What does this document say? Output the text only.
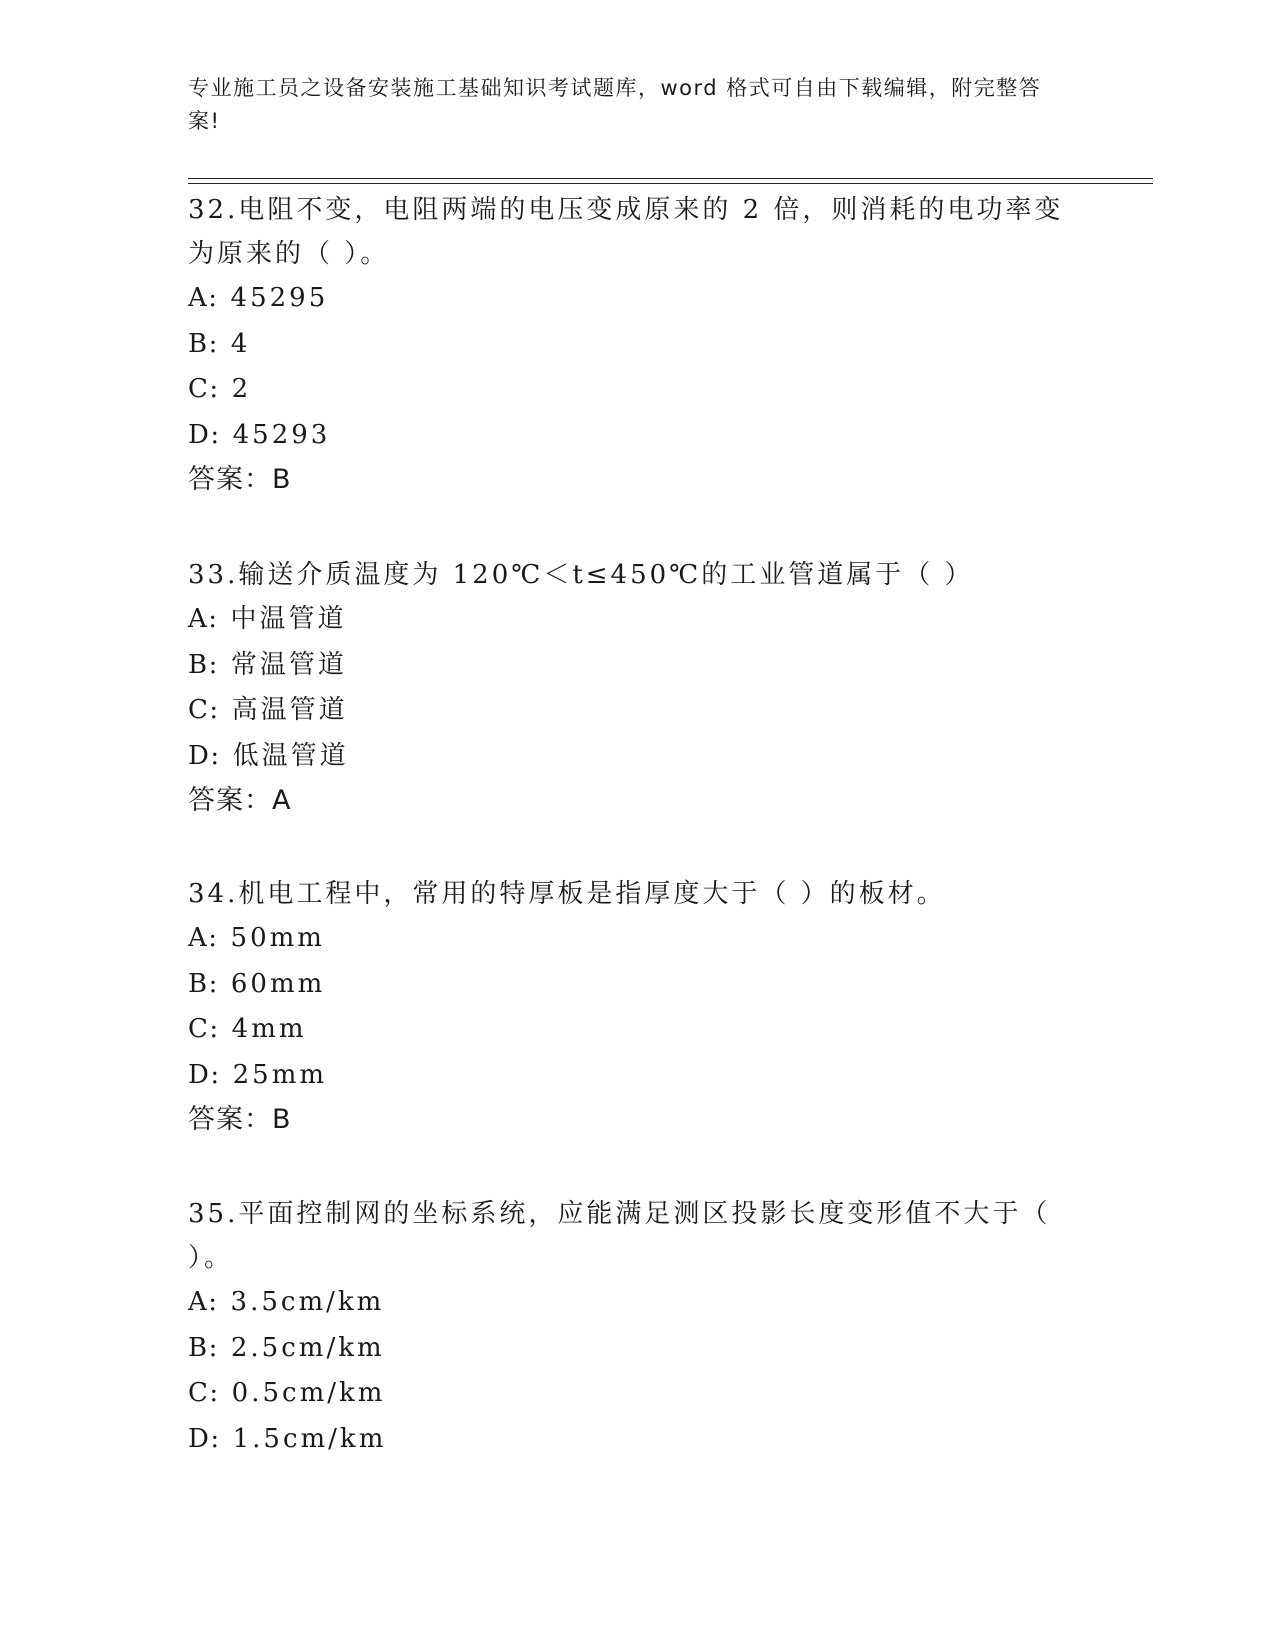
专业施工员之设备安装施工基础知识考试题库，word 格式可自由下载编辑，附完整答案!
32.电阻不变，电阻两端的电压变成原来的 2 倍，则消耗的电功率变为原来的（ ）。
A: 45295
B: 4
C: 2
D: 45293
答案：B
33.输送介质温度为 120℃＜t≤450℃的工业管道属于（ ）
A: 中温管道
B: 常温管道
C: 高温管道
D: 低温管道
答案：A
34.机电工程中，常用的特厚板是指厚度大于（ ）的板材。
A: 50mm
B: 60mm
C: 4mm
D: 25mm
答案：B
35.平面控制网的坐标系统，应能满足测区投影长度变形值不大于（ ）。
A: 3.5cm/km
B: 2.5cm/km
C: 0.5cm/km
D: 1.5cm/km
